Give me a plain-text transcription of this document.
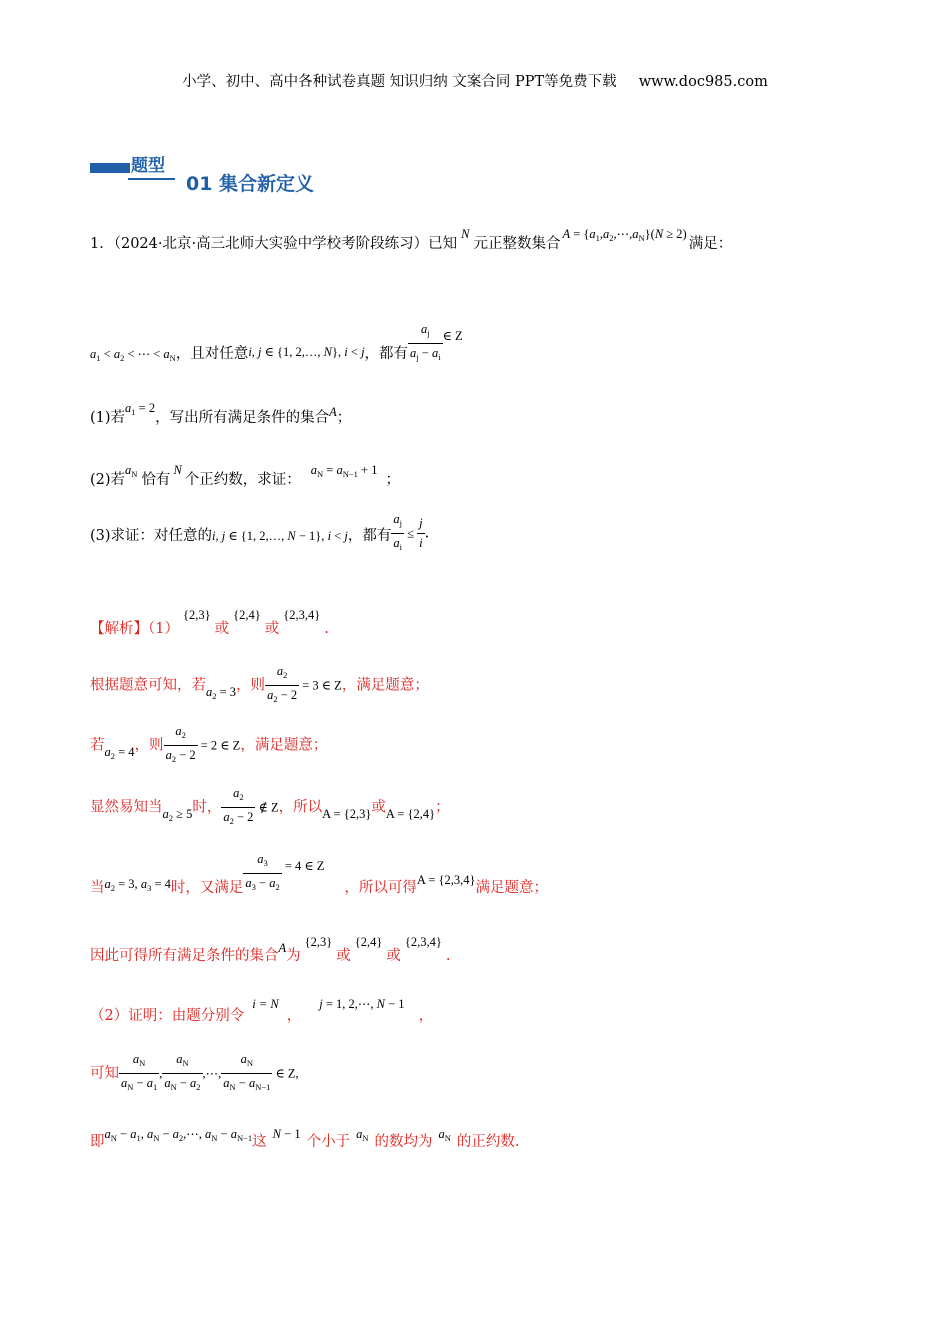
小学、初中、高中各种试卷真题 知识归纳 文案合同 PPT等免费下载 www.doc985.com
题型
01 集合新定义
1．（2024·北京·高三北师大实验中学校考阶段练习）已知N元正整数集合$A = \{a_1,a_2,\cdots,a_N\}(N \ge 2)$满足：
$a_1 < a_2$ < ⋯ < $a_N$，且对任意i, j ∈ {1, 2,…, N}, i < j，都有 $\frac{a_j}{a_j - a_i}$ ∈ Z
(1)若$a_1 = 2$，写出所有满足条件的集合A；
(2)若$a_N$ 恰有N个正约数，求证：$a_N = a_{N-1} + 1$；
(3)求证：对任意的i, j ∈ {1, 2,…, N − 1}, i < j，都有 $\frac{a_j}{a_i} \le \frac{j}{i}$ .
【解析】（1）{2,3}或{2,4}或{2,3,4}.
根据题意可知，若$a_2 = 3$，则 $\frac{a_2}{a_2 - 2} = 3$ ∈ Z，满足题意；
若$a_2 = 4$，则 $\frac{a_2}{a_2 - 2} = 2$ ∈ Z，满足题意；
显然易知当$a_2 \ge 5$时， $\frac{a_2}{a_2 - 2}$ ∉ Z，所以A = {2,3}或A = {2,4}；
当$a_2 = 3$, $a_3 = 4$时，又满足 $\frac{a_3}{a_3 - a_2} = 4$ ∈ Z，所以可得A = {2,3,4}满足题意；
因此可得所有满足条件的集合A为{2,3}或{2,4}或{2,3,4}.
（2）证明：由题分别令i = N，j = 1, 2,⋯, N − 1，
可知 $\frac{a_N}{a_N - a_1}$ , $\frac{a_N}{a_N - a_2}$ ,⋯, $\frac{a_N}{a_N - a_{N-1}}$ ∈ Z,
即$a_N - a_1$, $a_N$ − $a_2,\cdots$, $a_N - a_{N-1}$这 N − 1 个小于 $a_N$ 的数均为 $a_N$ 的正约数.
